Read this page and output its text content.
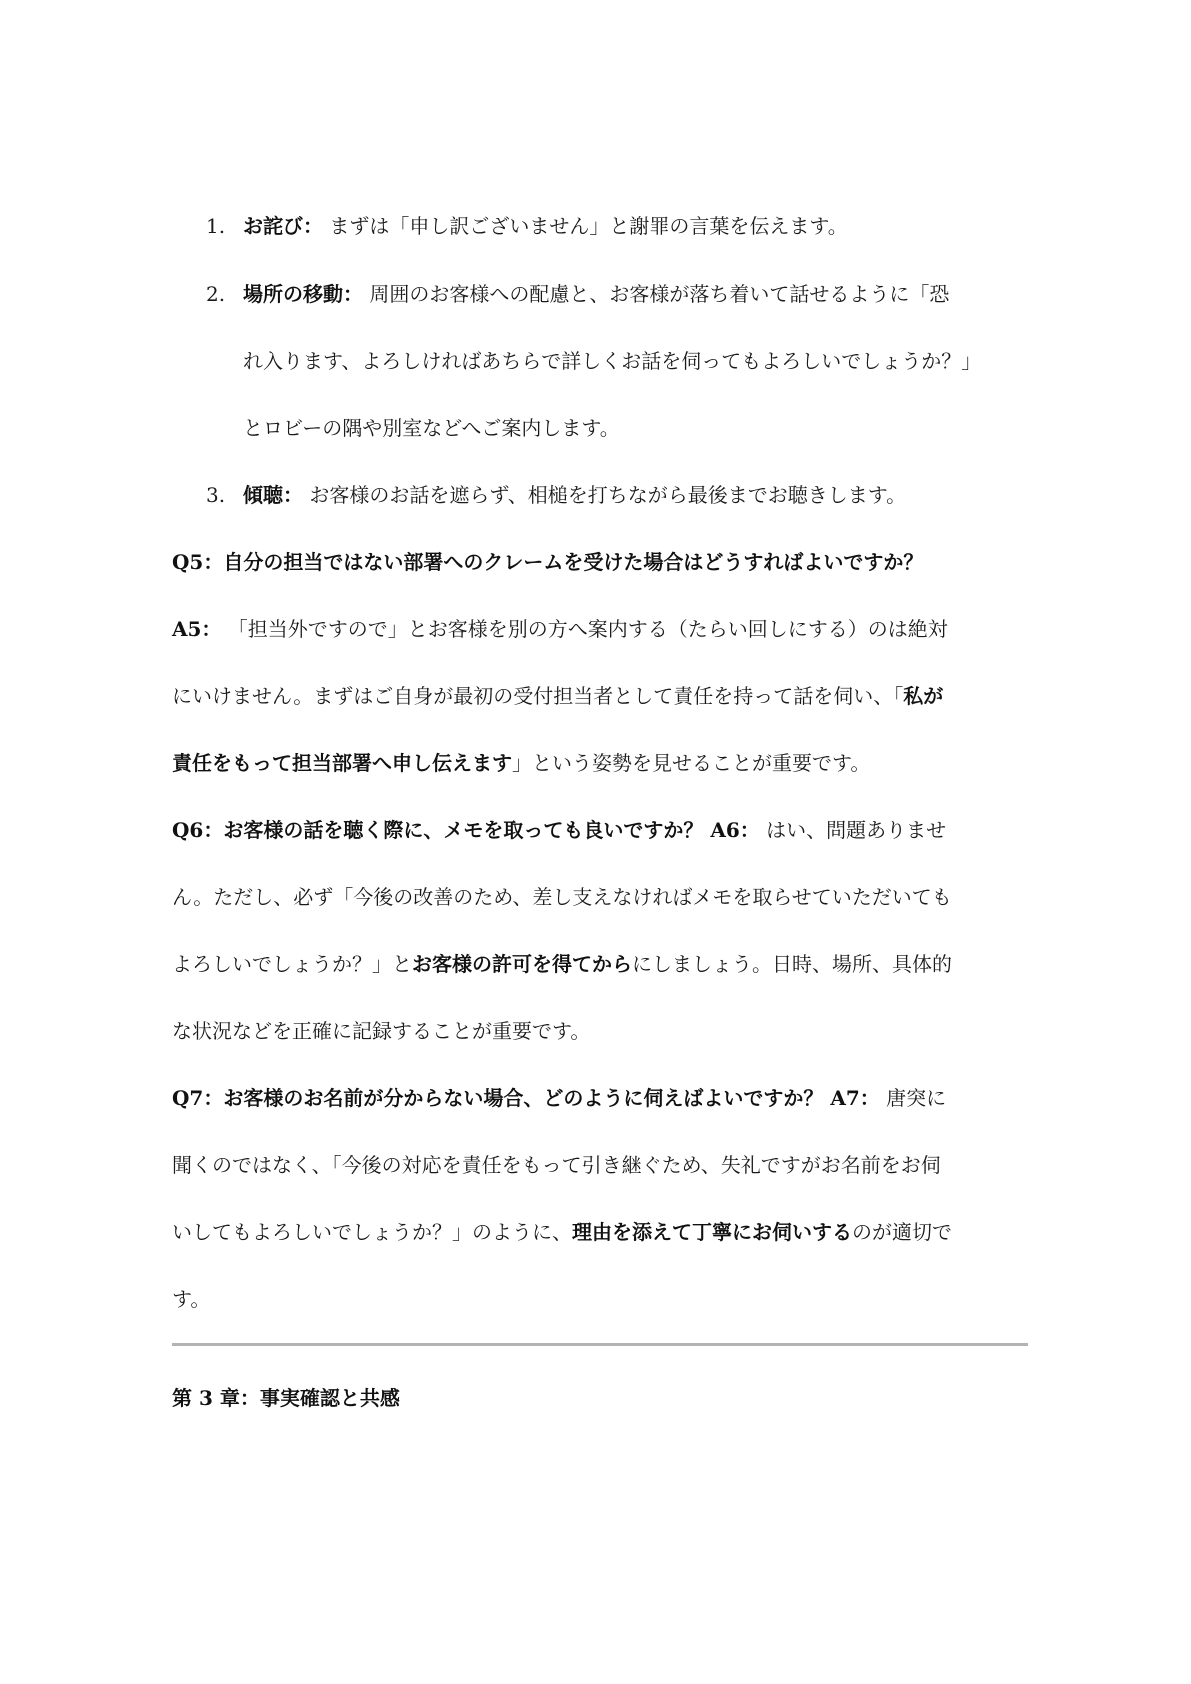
1. お詫び： まずは「申し訳ございません」と謝罪の言葉を伝えます。
2. 場所の移動： 周囲のお客様への配慮と、お客様が落ち着いて話せるように「恐
れ入ります、よろしければあちらで詳しくお話を伺ってもよろしいでしょうか？」
とロビーの隅や別室などへご案内します。
3. 傾聴： お客様のお話を遮らず、相槌を打ちながら最後までお聴きします。
Q5：自分の担当ではない部署へのクレームを受けた場合はどうすればよいですか？
A5： 「担当外ですので」とお客様を別の方へ案内する（たらい回しにする）のは絶対
にいけません。まずはご自身が最初の受付担当者として責任を持って話を伺い、「私が
責任をもって担当部署へ申し伝えます」という姿勢を見せることが重要です。
Q6：お客様の話を聴く際に、メモを取っても良いですか？ A6： はい、問題ありませ
ん。ただし、必ず「今後の改善のため、差し支えなければメモを取らせていただいても
よろしいでしょうか？」とお客様の許可を得てからにしましょう。日時、場所、具体的
な状況などを正確に記録することが重要です。
Q7：お客様のお名前が分からない場合、どのように伺えばよいですか？ A7： 唐突に
聞くのではなく、「今後の対応を責任をもって引き継ぐため、失礼ですがお名前をお伺
いしてもよろしいでしょうか？」のように、理由を添えて丁寧にお伺いするのが適切で
す。
第 3 章：事実確認と共感
